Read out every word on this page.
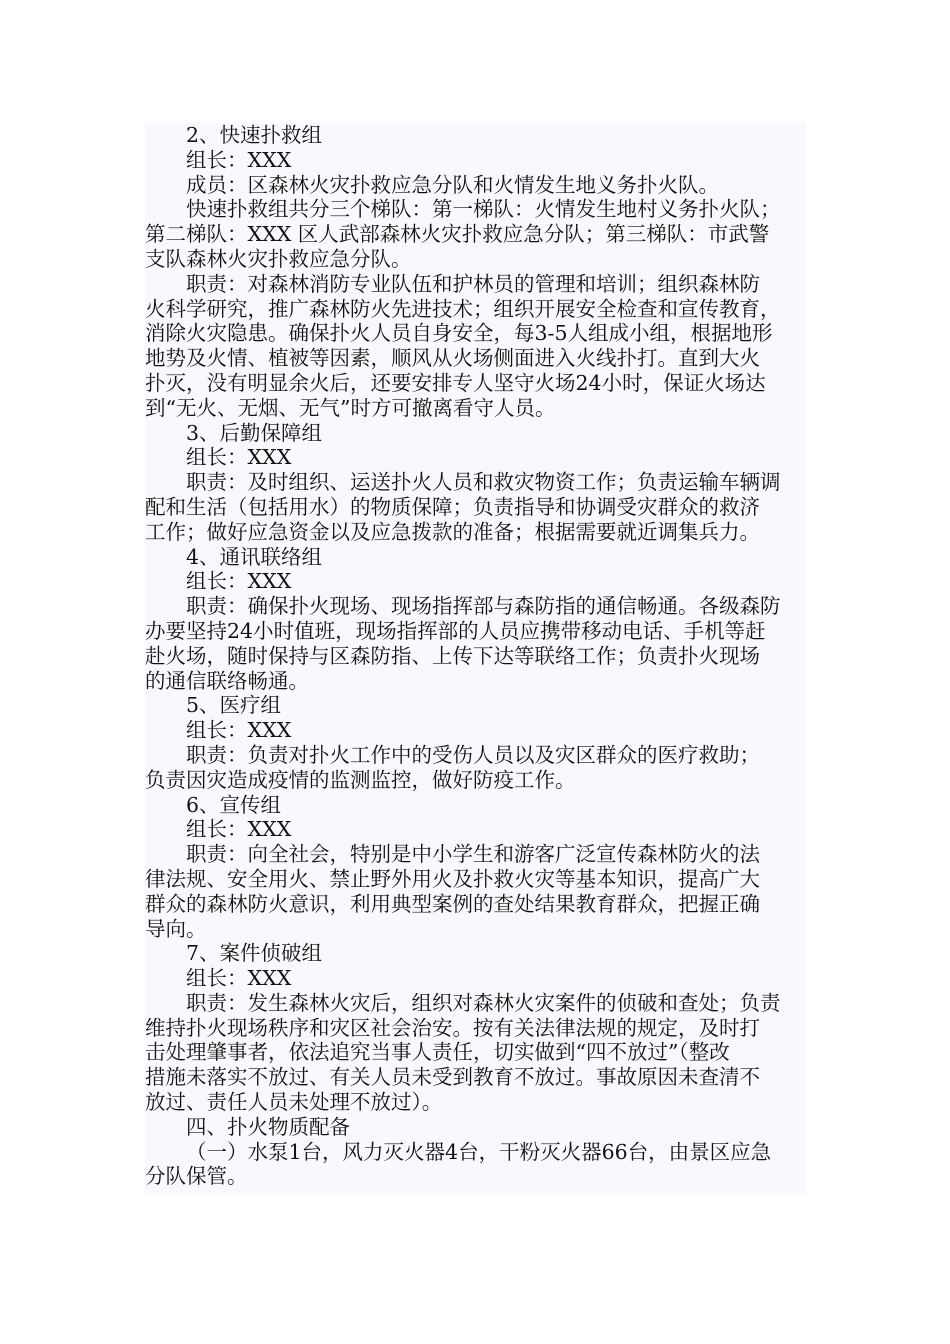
2、快速扑救组
组长：XXX
成员：区森林火灾扑救应急分队和火情发生地义务扑火队。
快速扑救组共分三个梯队：第一梯队：火情发生地村义务扑火队；
第二梯队：XXX 区人武部森林火灾扑救应急分队；第三梯队：市武警
支队森林火灾扑救应急分队。
职责：对森林消防专业队伍和护林员的管理和培训；组织森林防
火科学研究，推广森林防火先进技术；组织开展安全检查和宣传教育，
消除火灾隐患。确保扑火人员自身安全，每3-5人组成小组，根据地形
地势及火情、植被等因素，顺风从火场侧面进入火线扑打。直到大火
扑灭，没有明显余火后，还要安排专人坚守火场24小时，保证火场达
到“无火、无烟、无气”时方可撤离看守人员。
3、后勤保障组
组长：XXX
职责：及时组织、运送扑火人员和救灾物资工作；负责运输车辆调
配和生活（包括用水）的物质保障；负责指导和协调受灾群众的救济
工作；做好应急资金以及应急拨款的准备；根据需要就近调集兵力。
4、通讯联络组
组长：XXX
职责：确保扑火现场、现场指挥部与森防指的通信畅通。各级森防
办要坚持24小时值班，现场指挥部的人员应携带移动电话、手机等赶
赴火场，随时保持与区森防指、上传下达等联络工作；负责扑火现场
的通信联络畅通。
5、医疗组
组长：XXX
职责：负责对扑火工作中的受伤人员以及灾区群众的医疗救助；
负责因灾造成疫情的监测监控，做好防疫工作。
6、宣传组
组长：XXX
职责：向全社会，特别是中小学生和游客广泛宣传森林防火的法
律法规、安全用火、禁止野外用火及扑救火灾等基本知识，提高广大
群众的森林防火意识，利用典型案例的查处结果教育群众，把握正确
导向。
7、案件侦破组
组长：XXX
职责：发生森林火灾后，组织对森林火灾案件的侦破和查处；负责
维持扑火现场秩序和灾区社会治安。按有关法律法规的规定，及时打
击处理肇事者，依法追究当事人责任，切实做到“四不放过”（整改
措施未落实不放过、有关人员未受到教育不放过。事故原因未查清不
放过、责任人员未处理不放过）。
四、扑火物质配备
（一）水泵1台，风力灭火器4台，干粉灭火器66台，由景区应急
分队保管。
